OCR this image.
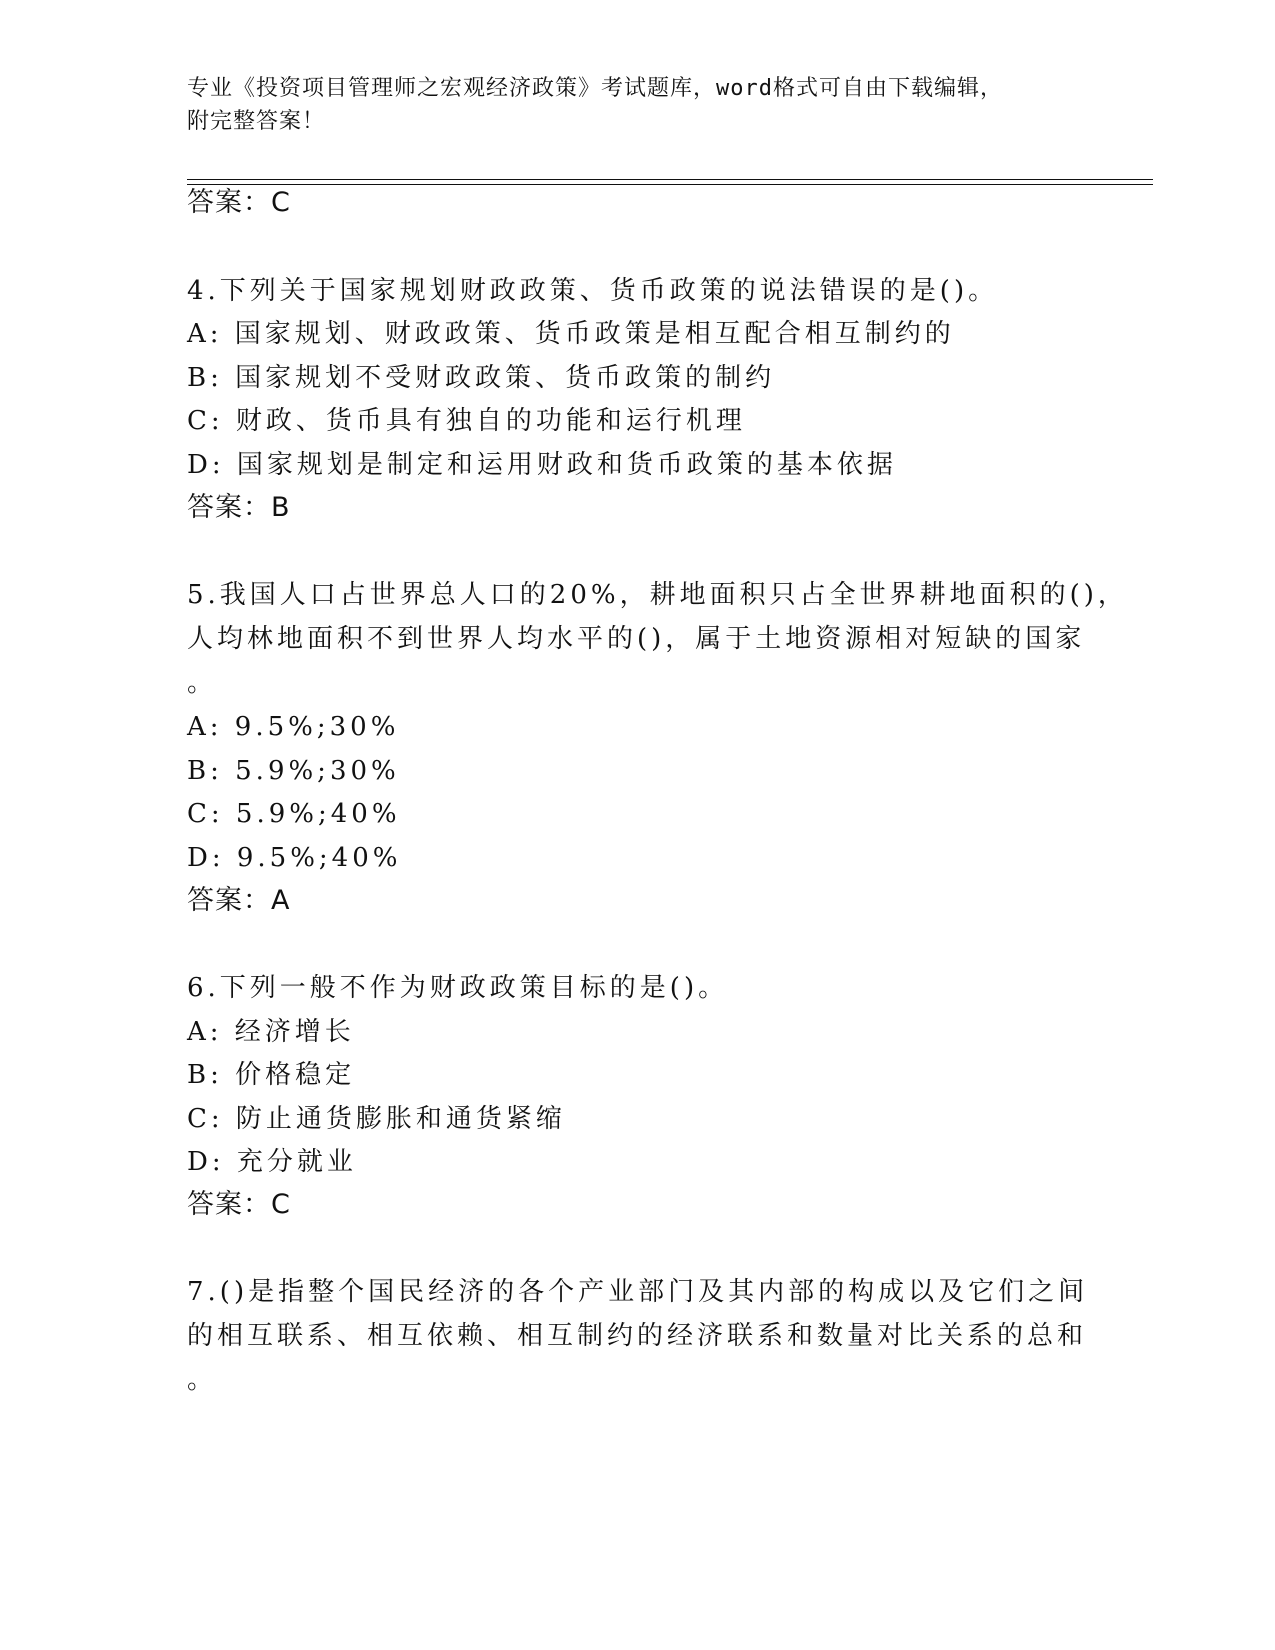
专业《投资项目管理师之宏观经济政策》考试题库，word格式可自由下载编辑，
附完整答案！
答案：C
4.下列关于国家规划财政政策、货币政策的说法错误的是()。
A: 国家规划、财政政策、货币政策是相互配合相互制约的
B: 国家规划不受财政政策、货币政策的制约
C: 财政、货币具有独自的功能和运行机理
D: 国家规划是制定和运用财政和货币政策的基本依据
答案：B
5.我国人口占世界总人口的20%，耕地面积只占全世界耕地面积的()，
人均林地面积不到世界人均水平的()，属于土地资源相对短缺的国家
。
A: 9.5%;30%
B: 5.9%;30%
C: 5.9%;40%
D: 9.5%;40%
答案：A
6.下列一般不作为财政政策目标的是()。
A: 经济增长
B: 价格稳定
C: 防止通货膨胀和通货紧缩
D: 充分就业
答案：C
7.()是指整个国民经济的各个产业部门及其内部的构成以及它们之间
的相互联系、相互依赖、相互制约的经济联系和数量对比关系的总和
。
